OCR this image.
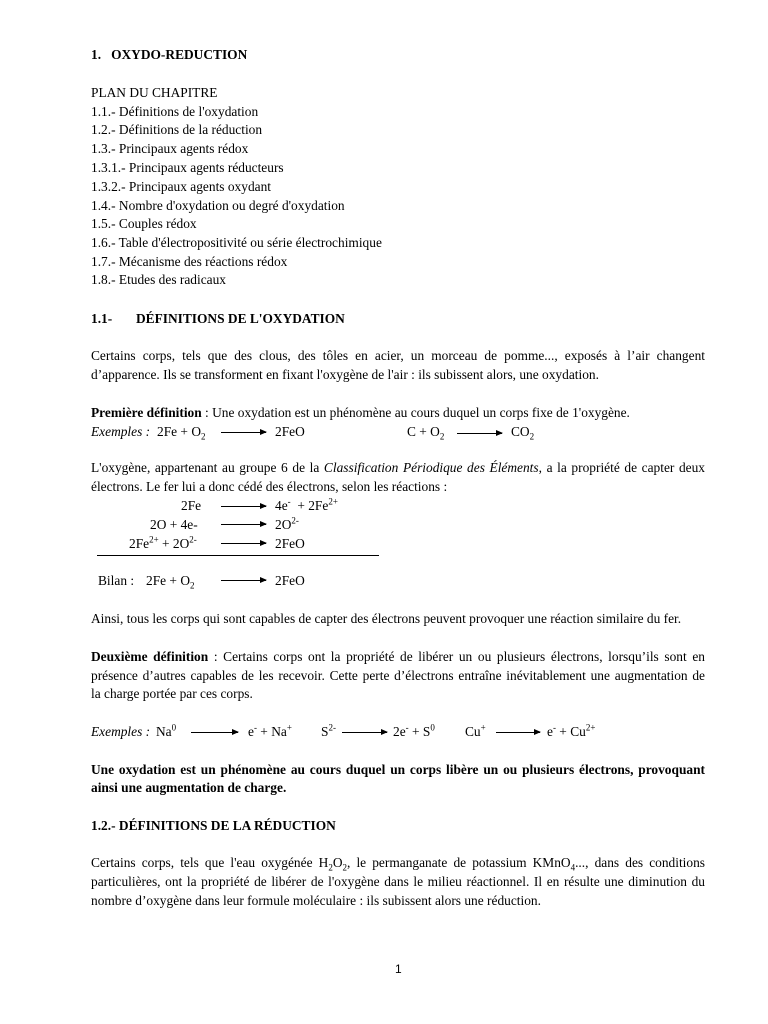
1. OXYDO-REDUCTION
PLAN DU CHAPITRE
1.1.- Définitions de l'oxydation
1.2.- Définitions de la réduction
1.3.- Principaux agents rédox
1.3.1.- Principaux agents réducteurs
1.3.2.- Principaux agents oxydant
1.4.- Nombre d'oxydation ou degré d'oxydation
1.5.- Couples rédox
1.6.- Table d'électropositivité ou série électrochimique
1.7.- Mécanisme des réactions rédox
1.8.- Etudes des radicaux
1.1- DÉFINITIONS DE L'OXYDATION
Certains corps, tels que des clous, des tôles en acier, un morceau de pomme..., exposés à l’air changent
d’apparence. Ils se transforment en fixant l'oxygène de l'air : ils subissent alors, une oxydation.
Première définition : Une oxydation est un phénomène au cours duquel un corps fixe de 1'oxygène.
Exemples : $2Fe + O_2 \to 2FeO$	$C + O_2 \to CO_2$
L'oxygène, appartenant au groupe 6 de la Classification Périodique des Éléments, a la propriété de capter deux
électrons. Le fer lui a donc cédé des électrons, selon les réactions :
$2Fe \to 4e^- + 2Fe^{2+}$
$2O + 4e- \to 2O^{2-}$
$2Fe^{2+} + 2O^{2-} \to 2FeO$
Bilan : $2Fe + O_2 \to 2FeO$
Ainsi, tous les corps qui sont capables de capter des électrons peuvent provoquer une réaction similaire du fer.
Deuxième définition : Certains corps ont la propriété de libérer un ou plusieurs électrons, lorsqu’ils sont en
présence d’autres capables de les recevoir. Cette perte d’électrons entraîne inévitablement une augmentation de
la charge portée par ces corps.
Exemples : $Na^0 \to e^- + Na^+$ $S^{2-} \to 2e^- + S^0$ $Cu^+ \to e^- + Cu^{2+}$
Une oxydation est un phénomène au cours duquel un corps libère un ou plusieurs électrons, provoquant
ainsi une augmentation de charge.
1.2.- DÉFINITIONS DE LA RÉDUCTION
Certains corps, tels que l'eau oxygénée $H_2O_2$, le permanganate de potassium KMnO$_4$..., dans des conditions
particulières, ont la propriété de libérer de l'oxygène dans le milieu réactionnel. Il en résulte une diminution du
nombre d’oxygène dans leur formule moléculaire : ils subissent alors une réduction.
1
